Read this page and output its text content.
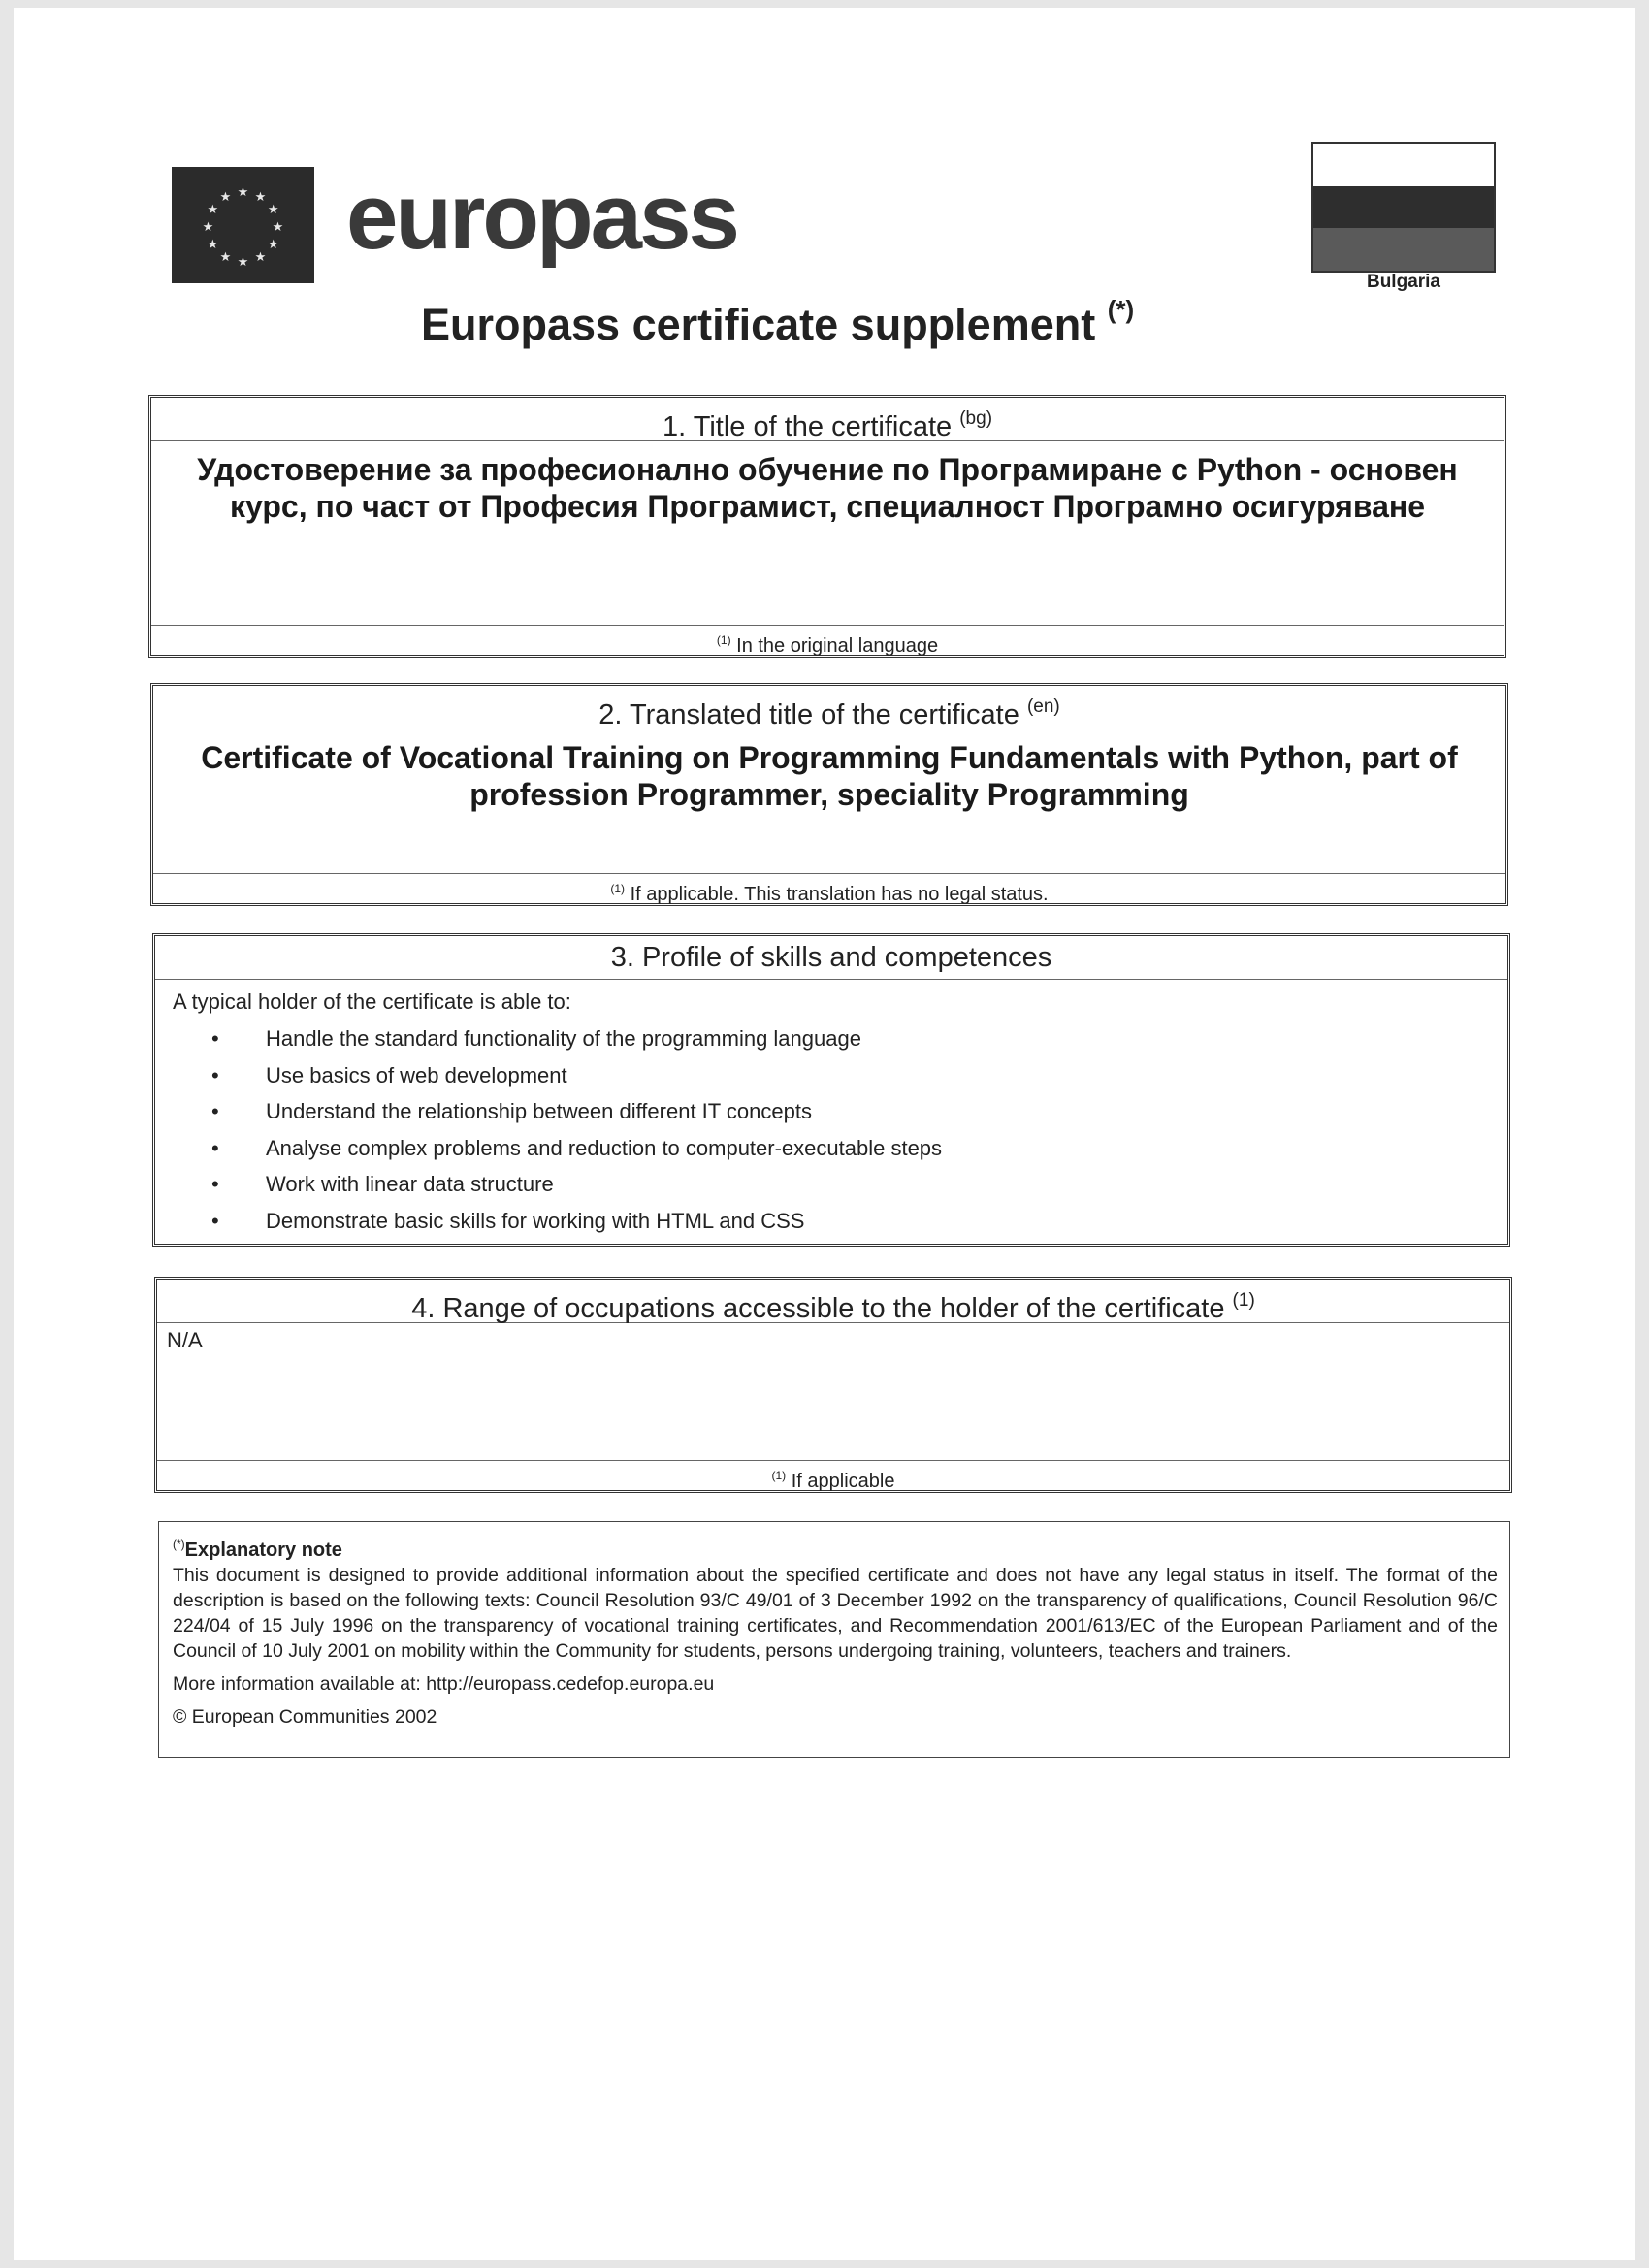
★
★
★
★
★
★
★
★
★ ★ ★
★ europass
Europass certificate supplement (*)
Bulgaria
1. Title of the certificate $^{(bg)}$
Удостоверение за професионално обучение по Програмиране с Python - основен курс, по част от Професия Програмист, специалност Програмно осигуряване
$^{(1)}$ In the original language
2. Translated title of the certificate $^{(en)}$
Certificate of Vocational Training on Programming Fundamentals with Python, part of profession Programmer, speciality Programming
$^{(1)}$ If applicable. This translation has no legal status.
3. Profile of skills and competences
A typical holder of the certificate is able to:
• Handle the standard functionality of the programming language
• Use basics of web development
• Understand the relationship between different IT concepts
• Analyse complex problems and reduction to computer-executable steps
• Work with linear data structure
• Demonstrate basic skills for working with HTML and CSS
4. Range of occupations accessible to the holder of the certificate $^{(1)}$
N/A
$^{(1)}$ If applicable
(*)Explanatory note
This document is designed to provide additional information about the specified certificate and does not have any legal status in itself. The format of the description is based on the following texts: Council Resolution 93/C 49/01 of 3 December 1992 on the transparency of qualifications, Council Resolution 96/C 224/04 of 15 July 1996 on the transparency of vocational training certificates, and Recommendation 2001/613/EC of the European Parliament and of the Council of 10 July 2001 on mobility within the Community for students, persons undergoing training, volunteers, teachers and trainers.
More information available at: http://europass.cedefop.europa.eu
© European Communities 2002
